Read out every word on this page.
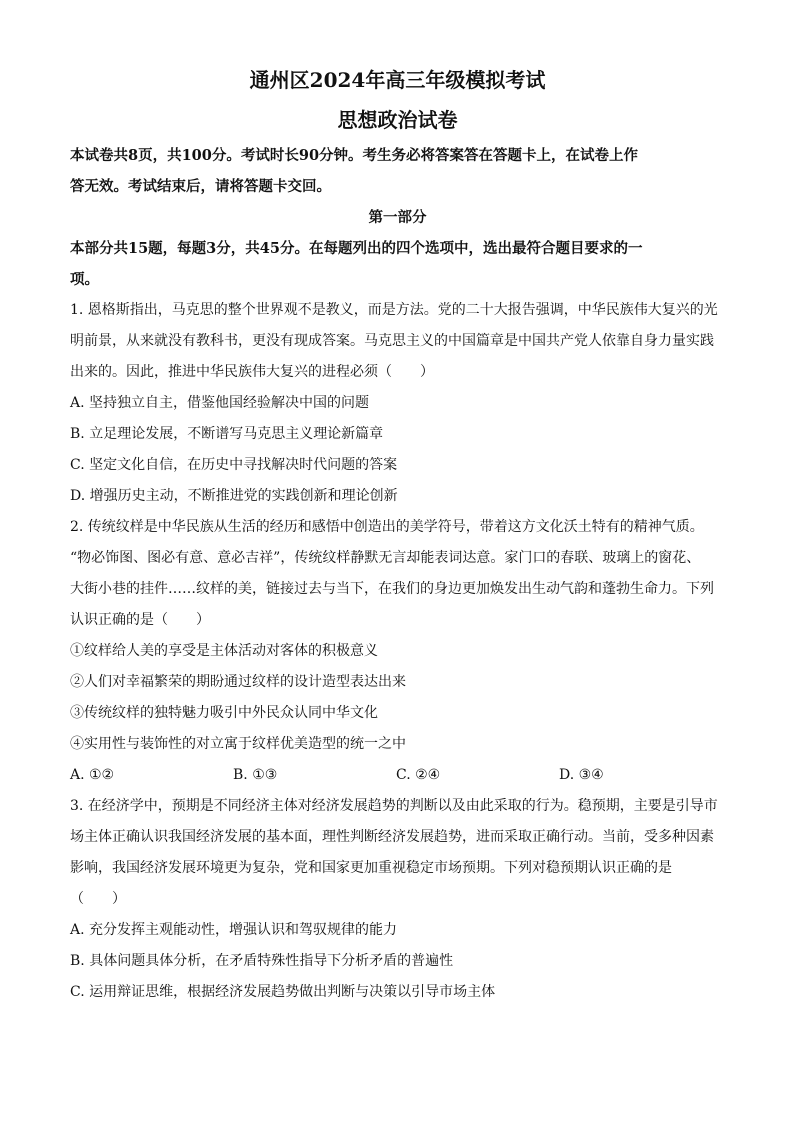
通州区2024年高三年级模拟考试
思想政治试卷

本试卷共8页，共100分。考试时长90分钟。考生务必将答案答在答题卡上，在试卷上作

答无效。考试结束后，请将答题卡交回。

第一部分

本部分共15题，每题3分，共45分。在每题列出的四个选项中，选出最符合题目要求的一

项。

1. 恩格斯指出，马克思的整个世界观不是教义，而是方法。党的二十大报告强调，中华民族伟大复兴的光

明前景，从来就没有教科书，更没有现成答案。马克思主义的中国篇章是中国共产党人依靠自身力量实践

出来的。因此，推进中华民族伟大复兴的进程必须（　　）

A. 坚持独立自主，借鉴他国经验解决中国的问题

B. 立足理论发展，不断谱写马克思主义理论新篇章

C. 坚定文化自信，在历史中寻找解决时代问题的答案

D. 增强历史主动，不断推进党的实践创新和理论创新

2. 传统纹样是中华民族从生活的经历和感悟中创造出的美学符号，带着这方文化沃土特有的精神气质。

“物必饰图、图必有意、意必吉祥”，传统纹样静默无言却能表词达意。家门口的春联、玻璃上的窗花、

大街小巷的挂件……纹样的美，链接过去与当下，在我们的身边更加焕发出生动气韵和蓬勃生命力。下列

认识正确的是（　　）

①纹样给人美的享受是主体活动对客体的积极意义

②人们对幸福繁荣的期盼通过纹样的设计造型表达出来

③传统纹样的独特魅力吸引中外民众认同中华文化

④实用性与装饰性的对立寓于纹样优美造型的统一之中

A. ①②	B. ①③	C. ②④	D. ③④

3. 在经济学中，预期是不同经济主体对经济发展趋势的判断以及由此采取的行为。稳预期，主要是引导市

场主体正确认识我国经济发展的基本面，理性判断经济发展趋势，进而采取正确行动。当前，受多种因素

影响，我国经济发展环境更为复杂，党和国家更加重视稳定市场预期。下列对稳预期认识正确的是

（　　）

A. 充分发挥主观能动性，增强认识和驾驭规律的能力

B. 具体问题具体分析，在矛盾特殊性指导下分析矛盾的普遍性

C. 运用辩证思维，根据经济发展趋势做出判断与决策以引导市场主体
